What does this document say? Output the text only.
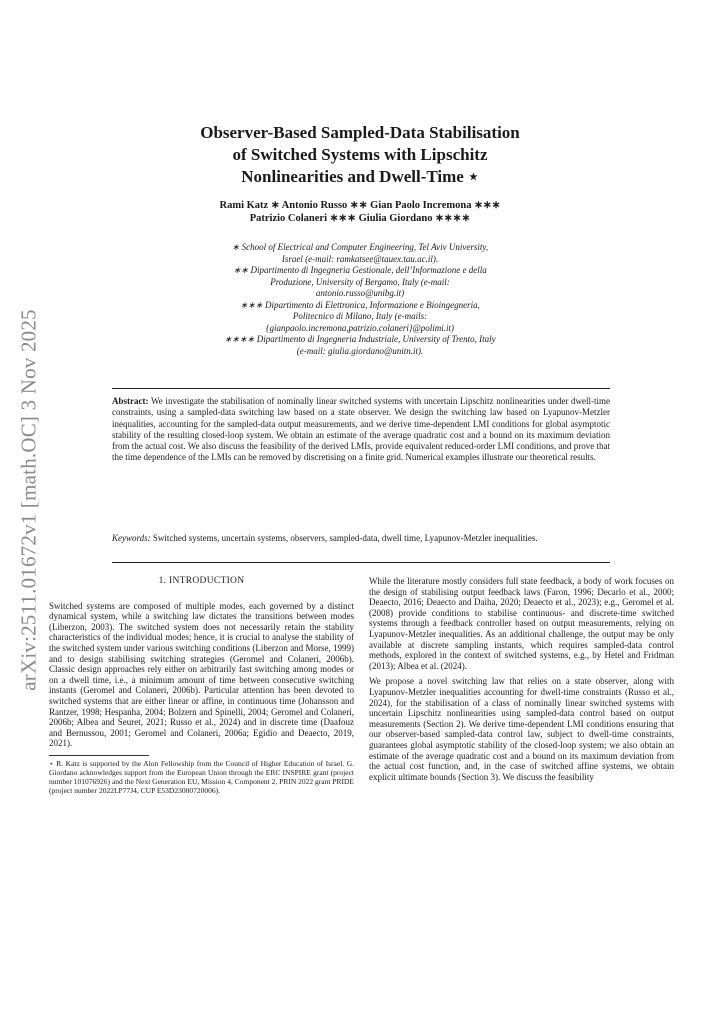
arXiv:2511.01672v1 [math.OC] 3 Nov 2025
Observer-Based Sampled-Data Stabilisation
of Switched Systems with Lipschitz
Nonlinearities and Dwell-Time ⋆
Rami Katz ∗ Antonio Russo ∗∗ Gian Paolo Incremona ∗∗∗
Patrizio Colaneri ∗∗∗ Giulia Giordano ∗∗∗∗
∗ School of Electrical and Computer Engineering, Tel Aviv University,
Israel (e-mail: ramkatsee@tauex.tau.ac.il).
∗∗ Dipartimento di Ingegneria Gestionale, dell’Informazione e della
Produzione, University of Bergamo, Italy (e-mail:
antonio.russo@unibg.it)
∗∗∗ Dipartimento di Elettronica, Informazione e Bioingegneria,
Politecnico di Milano, Italy (e-mails:
{gianpaolo.incremona,patrizio.colaneri}@polimi.it)
∗∗∗∗ Dipartimento di Ingegneria Industriale, University of Trento, Italy
(e-mail: giulia.giordano@unitn.it).
Abstract: We investigate the stabilisation of nominally linear switched systems with uncertain Lipschitz nonlinearities under dwell-time constraints, using a sampled-data switching law based on a state observer. We design the switching law based on Lyapunov-Metzler inequalities, accounting for the sampled-data output measurements, and we derive time-dependent LMI conditions for global asymptotic stability of the resulting closed-loop system. We obtain an estimate of the average quadratic cost and a bound on its maximum deviation from the actual cost. We also discuss the feasibility of the derived LMIs, provide equivalent reduced-order LMI conditions, and prove that the time dependence of the LMIs can be removed by discretising on a finite grid. Numerical examples illustrate our theoretical results.
Keywords: Switched systems, uncertain systems, observers, sampled-data, dwell time, Lyapunov-Metzler inequalities.
1. INTRODUCTION

Switched systems are composed of multiple modes, each governed by a distinct dynamical system, while a switching law dictates the transitions between modes (Liberzon, 2003). The switched system does not necessarily retain the stability characteristics of the individual modes; hence, it is crucial to analyse the stability of the switched system under various switching conditions (Liberzon and Morse, 1999) and to design stabilising switching strategies (Geromel and Colaneri, 2006b). Classic design approaches rely either on arbitrarily fast switching among modes or on a dwell time, i.e., a minimum amount of time between consecutive switching instants (Geromel and Colaneri, 2006b). Particular attention has been devoted to switched systems that are either linear or affine, in continuous time (Johansson and Rantzer, 1998; Hespanha, 2004; Bolzern and Spinelli, 2004; Geromel and Colaneri, 2006b; Albea and Seuret, 2021; Russo et al., 2024) and in discrete time (Daafouz and Bernussou, 2001; Geromel and Colaneri, 2006a; Egidio and Deaecto, 2019, 2021).

⋆ R. Katz is supported by the Alon Fellowship from the Council of Higher Education of Israel. G. Giordano acknowledges support from the European Union through the ERC INSPIRE grant (project number 101076926) and the Next Generation EU, Mission 4, Component 2, PRIN 2022 grant PRIDE (project number 2022LP77J4, CUP E53D23000720006).

While the literature mostly considers full state feedback, a body of work focuses on the design of stabilising output feedback laws (Faron, 1996; Decarlo et al., 2000; Deaecto, 2016; Deaecto and Daiha, 2020; Deaecto et al., 2023); e.g., Geromel et al. (2008) provide conditions to stabilise continuous- and discrete-time switched systems through a feedback controller based on output measurements, relying on Lyapunov-Metzler inequalities. As an additional challenge, the output may be only available at discrete sampling instants, which requires sampled-data control methods, explored in the context of switched systems, e.g., by Hetel and Fridman (2013); Albea et al. (2024).

We propose a novel switching law that relies on a state observer, along with Lyapunov-Metzler inequalities accounting for dwell-time constraints (Russo et al., 2024), for the stabilisation of a class of nominally linear switched systems with uncertain Lipschitz nonlinearities using sampled-data control based on output measurements (Section 2). We derive time-dependent LMI conditions ensuring that our observer-based sampled-data control law, subject to dwell-time constraints, guarantees global asymptotic stability of the closed-loop system; we also obtain an estimate of the average quadratic cost and a bound on its maximum deviation from the actual cost function, and, in the case of switched affine systems, we obtain explicit ultimate bounds (Section 3). We discuss the feasibility
